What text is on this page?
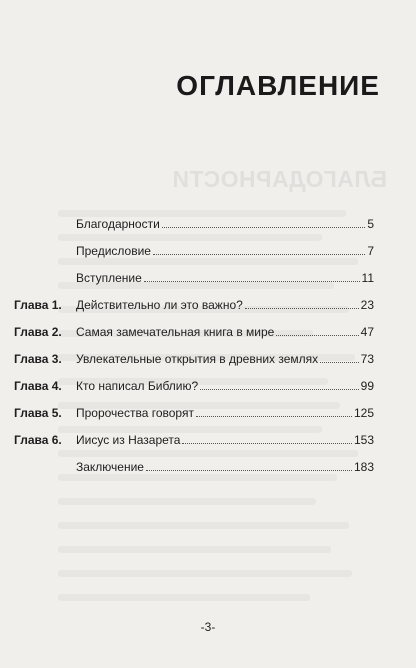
БЛАГОДАРНОСТИ
ОГЛАВЛЕНИЕ
Благодарности	5
Предисловие	7
Вступление	11
Глава 1. Действительно ли это важно?	23
Глава 2. Самая замечательная книга в мире	47
Глава 3. Увлекательные открытия в древних землях	73
Глава 4. Кто написал Библию?	99
Глава 5. Пророчества говорят	125
Глава 6. Иисус из Назарета	153
Заключение	183
-3-
